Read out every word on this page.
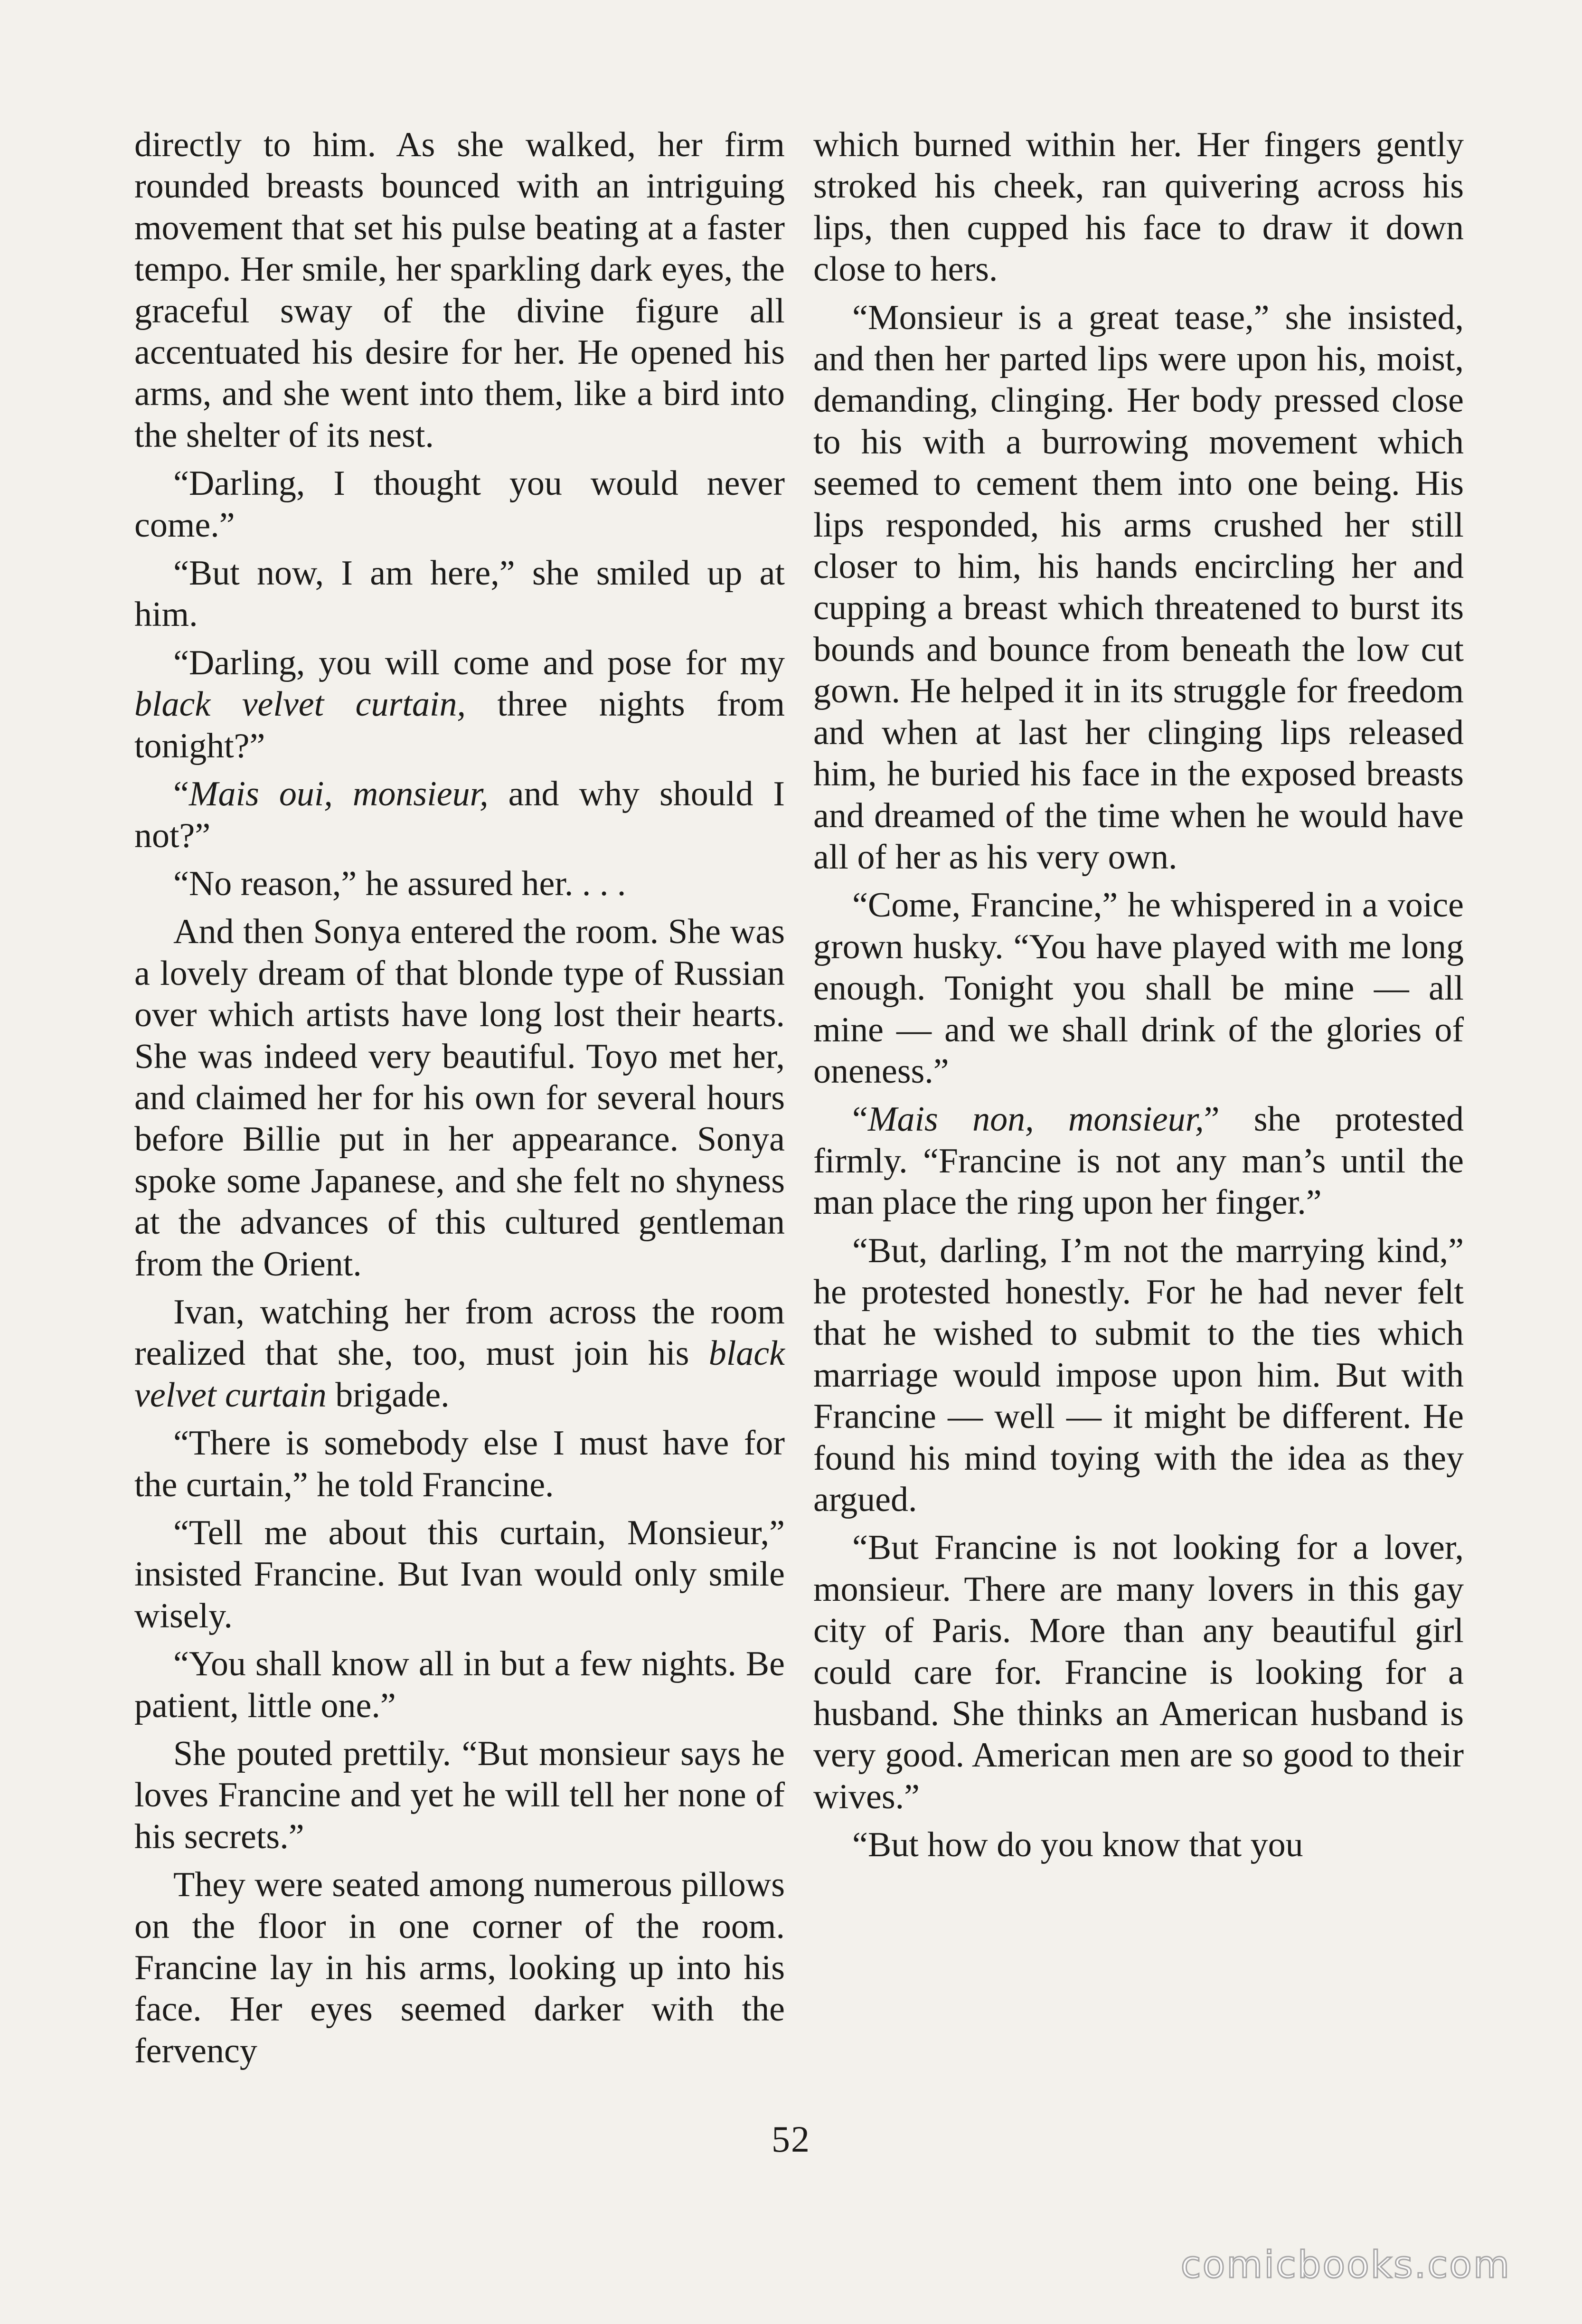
directly to him. As she walked, her firm rounded breasts bounced with an intriguing movement that set his pulse beating at a faster tempo. Her smile, her sparkling dark eyes, the graceful sway of the divine figure all accentuated his desire for her. He opened his arms, and she went into them, like a bird into the shelter of its nest.

“Darling, I thought you would never come.”

“But now, I am here,” she smiled up at him.

“Darling, you will come and pose for my black velvet curtain, three nights from tonight?”

“Mais oui, monsieur, and why should I not?”

“No reason,” he assured her. . . .

And then Sonya entered the room. She was a lovely dream of that blonde type of Russian over which artists have long lost their hearts. She was indeed very beautiful. Toyo met her, and claimed her for his own for several hours before Billie put in her appearance. Sonya spoke some Japanese, and she felt no shyness at the advances of this cultured gentleman from the Orient.

Ivan, watching her from across the room realized that she, too, must join his black velvet curtain brigade.

“There is somebody else I must have for the curtain,” he told Francine.

“Tell me about this curtain, Monsieur,” insisted Francine. But Ivan would only smile wisely.

“You shall know all in but a few nights. Be patient, little one.”

She pouted prettily. “But monsieur says he loves Francine and yet he will tell her none of his secrets.”

They were seated among numerous pillows on the floor in one corner of the room. Francine lay in his arms, looking up into his face. Her eyes seemed darker with the fervency

which burned within her. Her fingers gently stroked his cheek, ran quivering across his lips, then cupped his face to draw it down close to hers.

“Monsieur is a great tease,” she insisted, and then her parted lips were upon his, moist, demanding, clinging. Her body pressed close to his with a burrowing movement which seemed to cement them into one being. His lips responded, his arms crushed her still closer to him, his hands encircling her and cupping a breast which threatened to burst its bounds and bounce from beneath the low cut gown. He helped it in its struggle for freedom and when at last her clinging lips released him, he buried his face in the exposed breasts and dreamed of the time when he would have all of her as his very own.

“Come, Francine,” he whispered in a voice grown husky. “You have played with me long enough. Tonight you shall be mine — all mine — and we shall drink of the glories of oneness.”

“Mais non, monsieur,” she protested firmly. “Francine is not any man’s until the man place the ring upon her finger.”

“But, darling, I’m not the marrying kind,” he protested honestly. For he had never felt that he wished to submit to the ties which marriage would impose upon him. But with Francine — well — it might be different. He found his mind toying with the idea as they argued.

“But Francine is not looking for a lover, monsieur. There are many lovers in this gay city of Paris. More than any beautiful girl could care for. Francine is looking for a husband. She thinks an American husband is very good. American men are so good to their wives.”

“But how do you know that you

52
comicbooks.com
